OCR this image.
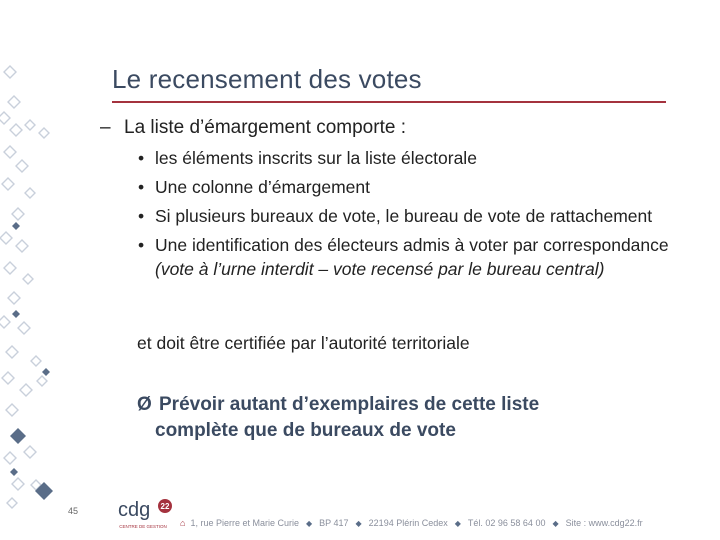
Le recensement des votes
– La liste d’émargement comporte :
• les éléments inscrits sur la liste électorale
• Une colonne d’émargement
• Si plusieurs bureaux de vote, le bureau de vote de rattachement
• Une identification des électeurs admis à voter par correspondance (vote à l’urne interdit – vote recensé par le bureau central)
et doit être certifiée par l’autorité territoriale
Ø Prévoir autant d’exemplaires de cette liste
complète que de bureaux de vote
45 cdg 22
CENTRE DE GESTION ⌂ 1, rue Pierre et Marie Curie ◆ BP 417 ◆ 22194 Plérin Cedex ◆ Tél. 02 96 58 64 00 ◆ Site : www.cdg22.fr
